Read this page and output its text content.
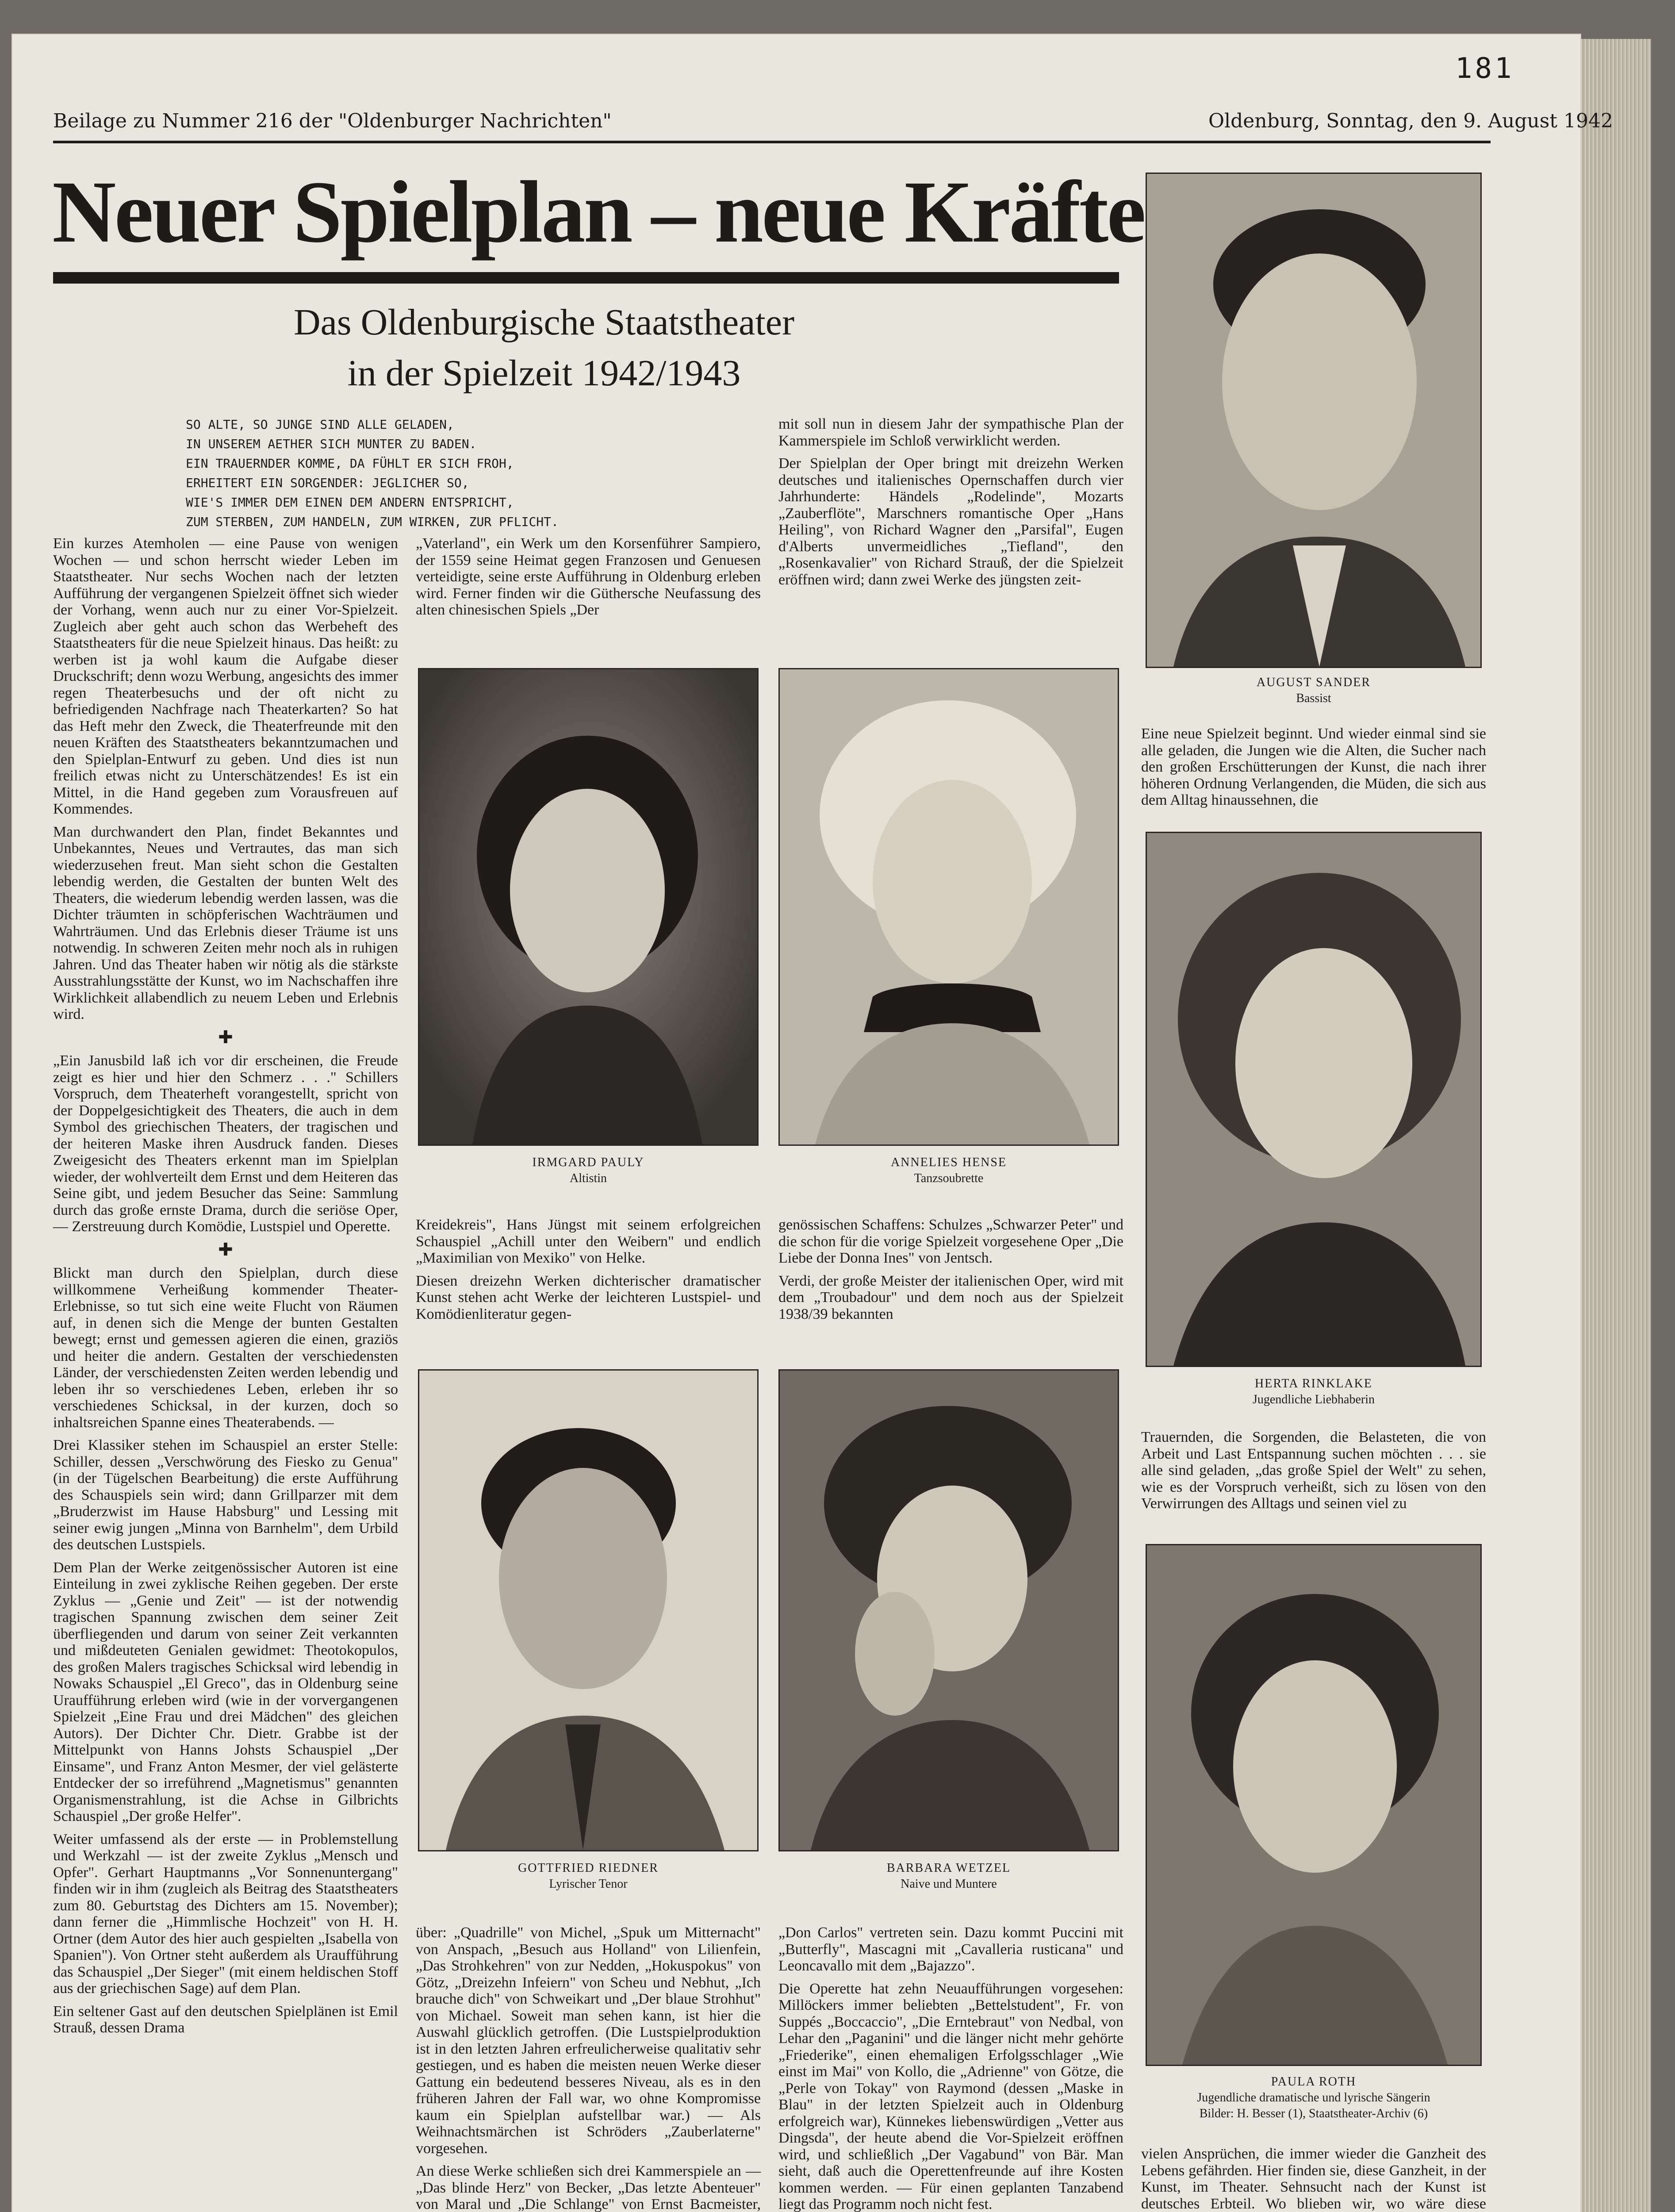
181
Beilage zu Nummer 216 der "Oldenburger Nachrichten"	Oldenburg, Sonntag, den 9. August 1942
Neuer Spielplan – neue Kräfte
Das Oldenburgische Staatstheater
in der Spielzeit 1942/1943
SO ALTE, SO JUNGE SIND ALLE GELADEN,
IN UNSEREM AETHER SICH MUNTER ZU BADEN.
EIN TRAUERNDER KOMME, DA FÜHLT ER SICH FROH,
ERHEITERT EIN SORGENDER: JEGLICHER SO,
WIE'S IMMER DEM EINEN DEM ANDERN ENTSPRICHT,
ZUM STERBEN, ZUM HANDELN, ZUM WIRKEN, ZUR PFLICHT.

Ein kurzes Atemholen — eine Pause von wenigen Wochen — und schon herrscht wieder Leben im Staatstheater. Nur sechs Wochen nach der letzten Aufführung der vergangenen Spielzeit öffnet sich wieder der Vorhang, wenn auch nur zu einer Vor-Spielzeit. Zugleich aber geht auch schon das Werbeheft des Staatstheaters für die neue Spielzeit hinaus. Das heißt: zu werben ist ja wohl kaum die Aufgabe dieser Druckschrift; denn wozu Werbung, angesichts des immer regen Theaterbesuchs und der oft nicht zu befriedigenden Nachfrage nach Theaterkarten? So hat das Heft mehr den Zweck, die Theaterfreunde mit den neuen Kräften des Staatstheaters bekanntzumachen und den Spielplan-Entwurf zu geben. Und dies ist nun freilich etwas nicht zu Unterschätzendes! Es ist ein Mittel, in die Hand gegeben zum Vorausfreuen auf Kommendes.

Man durchwandert den Plan, findet Bekanntes und Unbekanntes, Neues und Vertrautes, das man sich wiederzusehen freut. Man sieht schon die Gestalten lebendig werden, die Gestalten der bunten Welt des Theaters, die wiederum lebendig werden lassen, was die Dichter träumten in schöpferischen Wachträumen und Wahrträumen. Und das Erlebnis dieser Träume ist uns notwendig. In schweren Zeiten mehr noch als in ruhigen Jahren. Und das Theater haben wir nötig als die stärkste Ausstrahlungsstätte der Kunst, wo im Nachschaffen ihre Wirklichkeit allabendlich zu neuem Leben und Erlebnis wird.

✚

„Ein Janusbild laß ich vor dir erscheinen, die Freude zeigt es hier und hier den Schmerz . . ." Schillers Vorspruch, dem Theaterheft vorangestellt, spricht von der Doppelgesichtigkeit des Theaters, die auch in dem Symbol des griechischen Theaters, der tragischen und der heiteren Maske ihren Ausdruck fanden. Dieses Zweigesicht des Theaters erkennt man im Spielplan wieder, der wohlverteilt dem Ernst und dem Heiteren das Seine gibt, und jedem Besucher das Seine: Sammlung durch das große ernste Drama, durch die seriöse Oper, — Zerstreuung durch Komödie, Lustspiel und Operette.

✚

Blickt man durch den Spielplan, durch diese willkommene Verheißung kommender Theater-Erlebnisse, so tut sich eine weite Flucht von Räumen auf, in denen sich die Menge der bunten Gestalten bewegt; ernst und gemessen agieren die einen, graziös und heiter die andern. Gestalten der verschiedensten Länder, der verschiedensten Zeiten werden lebendig und leben ihr so verschiedenes Leben, erleben ihr so verschiedenes Schicksal, in der kurzen, doch so inhaltsreichen Spanne eines Theaterabends. —

Drei Klassiker stehen im Schauspiel an erster Stelle: Schiller, dessen „Verschwörung des Fiesko zu Genua" (in der Tügelschen Bearbeitung) die erste Aufführung des Schauspiels sein wird; dann Grillparzer mit dem „Bruderzwist im Hause Habsburg" und Lessing mit seiner ewig jungen „Minna von Barnhelm", dem Urbild des deutschen Lustspiels.

Dem Plan der Werke zeitgenössischer Autoren ist eine Einteilung in zwei zyklische Reihen gegeben. Der erste Zyklus — „Genie und Zeit" — ist der notwendig tragischen Spannung zwischen dem seiner Zeit überfliegenden und darum von seiner Zeit verkannten und mißdeuteten Genialen gewidmet: Theotokopulos, des großen Malers tragisches Schicksal wird lebendig in Nowaks Schauspiel „El Greco", das in Oldenburg seine Uraufführung erleben wird (wie in der vorvergangenen Spielzeit „Eine Frau und drei Mädchen" des gleichen Autors). Der Dichter Chr. Dietr. Grabbe ist der Mittelpunkt von Hanns Johsts Schauspiel „Der Einsame", und Franz Anton Mesmer, der viel gelästerte Entdecker der so irreführend „Magnetismus" genannten Organismenstrahlung, ist die Achse in Gilbrichts Schauspiel „Der große Helfer".

Weiter umfassend als der erste — in Problemstellung und Werkzahl — ist der zweite Zyklus „Mensch und Opfer". Gerhart Hauptmanns „Vor Sonnenuntergang" finden wir in ihm (zugleich als Beitrag des Staatstheaters zum 80. Geburtstag des Dichters am 15. November); dann ferner die „Himmlische Hochzeit" von H. H. Ortner (dem Autor des hier auch gespielten „Isabella von Spanien"). Von Ortner steht außerdem als Uraufführung das Schauspiel „Der Sieger" (mit einem heldischen Stoff aus der griechischen Sage) auf dem Plan.

Ein seltener Gast auf den deutschen Spielplänen ist Emil Strauß, dessen Drama

„Vaterland", ein Werk um den Korsenführer Sampiero, der 1559 seine Heimat gegen Franzosen und Genuesen verteidigte, seine erste Aufführung in Oldenburg erleben wird. Ferner finden wir die Güthersche Neufassung des alten chinesischen Spiels „Der

mit soll nun in diesem Jahr der sympathische Plan der Kammerspiele im Schloß verwirklicht werden.

Der Spielplan der Oper bringt mit dreizehn Werken deutsches und italienisches Opernschaffen durch vier Jahrhunderte: Händels „Rodelinde", Mozarts „Zauberflöte", Marschners romantische Oper „Hans Heiling", von Richard Wagner den „Parsifal", Eugen d'Alberts unvermeidliches „Tiefland", den „Rosenkavalier" von Richard Strauß, der die Spielzeit eröffnen wird; dann zwei Werke des jüngsten zeit-

IRMGARD PAULY
Altistin
ANNELIES HENSE
Tanzsoubrette

Kreidekreis", Hans Jüngst mit seinem erfolgreichen Schauspiel „Achill unter den Weibern" und endlich „Maximilian von Mexiko" von Helke.

Diesen dreizehn Werken dichterischer dramatischer Kunst stehen acht Werke der leichteren Lustspiel- und Komödienliteratur gegen-

genössischen Schaffens: Schulzes „Schwarzer Peter" und die schon für die vorige Spielzeit vorgesehene Oper „Die Liebe der Donna Ines" von Jentsch.

Verdi, der große Meister der italienischen Oper, wird mit dem „Troubadour" und dem noch aus der Spielzeit 1938/39 bekannten

GOTTFRIED RIEDNER
Lyrischer Tenor
BARBARA WETZEL
Naive und Muntere

über: „Quadrille" von Michel, „Spuk um Mitternacht" von Anspach, „Besuch aus Holland" von Lilienfein, „Das Strohkehren" von zur Nedden, „Hokuspokus" von Götz, „Dreizehn Infeiern" von Scheu und Nebhut, „Ich brauche dich" von Schweikart und „Der blaue Strohhut" von Michael. Soweit man sehen kann, ist hier die Auswahl glücklich getroffen. (Die Lustspielproduktion ist in den letzten Jahren erfreulicherweise qualitativ sehr gestiegen, und es haben die meisten neuen Werke dieser Gattung ein bedeutend besseres Niveau, als es in den früheren Jahren der Fall war, wo ohne Kompromisse kaum ein Spielplan aufstellbar war.) — Als Weihnachtsmärchen ist Schröders „Zauberlaterne" vorgesehen.

An diese Werke schließen sich drei Kammerspiele an — „Das blinde Herz" von Becker, „Das letzte Abenteuer" von Maral und „Die Schlange" von Ernst Bacmeister,

„Don Carlos" vertreten sein. Dazu kommt Puccini mit „Butterfly", Mascagni mit „Cavalleria rusticana" und Leoncavallo mit dem „Bajazzo".

Die Operette hat zehn Neuaufführungen vorgesehen: Millöckers immer beliebten „Bettelstudent", Fr. von Suppés „Boccaccio", „Die Erntebraut" von Nedbal, von Lehar den „Paganini" und die länger nicht mehr gehörte „Friederike", einen ehemaligen Erfolgsschlager „Wie einst im Mai" von Kollo, die „Adrienne" von Götze, die „Perle von Tokay" von Raymond (dessen „Maske in Blau" in der letzten Spielzeit auch in Oldenburg erfolgreich war), Künnekes liebenswürdigen „Vetter aus Dingsda", der heute abend die Vor-Spielzeit eröffnen wird, und schließlich „Der Vagabund" von Bär. Man sieht, daß auch die Operettenfreunde auf ihre Kosten kommen werden. — Für einen geplanten Tanzabend liegt das Programm noch nicht fest.

AUGUST SANDER
Bassist

Eine neue Spielzeit beginnt. Und wieder einmal sind sie alle geladen, die Jungen wie die Alten, die Sucher nach den großen Erschütterungen der Kunst, die nach ihrer höheren Ordnung Verlangenden, die Müden, die sich aus dem Alltag hinaussehnen, die

HERTA RINKLAKE
Jugendliche Liebhaberin

Trauernden, die Sorgenden, die Belasteten, die von Arbeit und Last Entspannung suchen möchten . . . sie alle sind geladen, „das große Spiel der Welt" zu sehen, wie es der Vorspruch verheißt, sich zu lösen von den Verwirrungen des Alltags und seinen viel zu

PAULA ROTH
Jugendliche dramatische und lyrische Sängerin
Bilder: H. Besser (1), Staatstheater-Archiv (6)

vielen Ansprüchen, die immer wieder die Ganzheit des Lebens gefährden. Hier finden sie, diese Ganzheit, in der Kunst, im Theater. Sehnsucht nach der Kunst ist deutsches Erbteil. Wo blieben wir, wo wäre diese
